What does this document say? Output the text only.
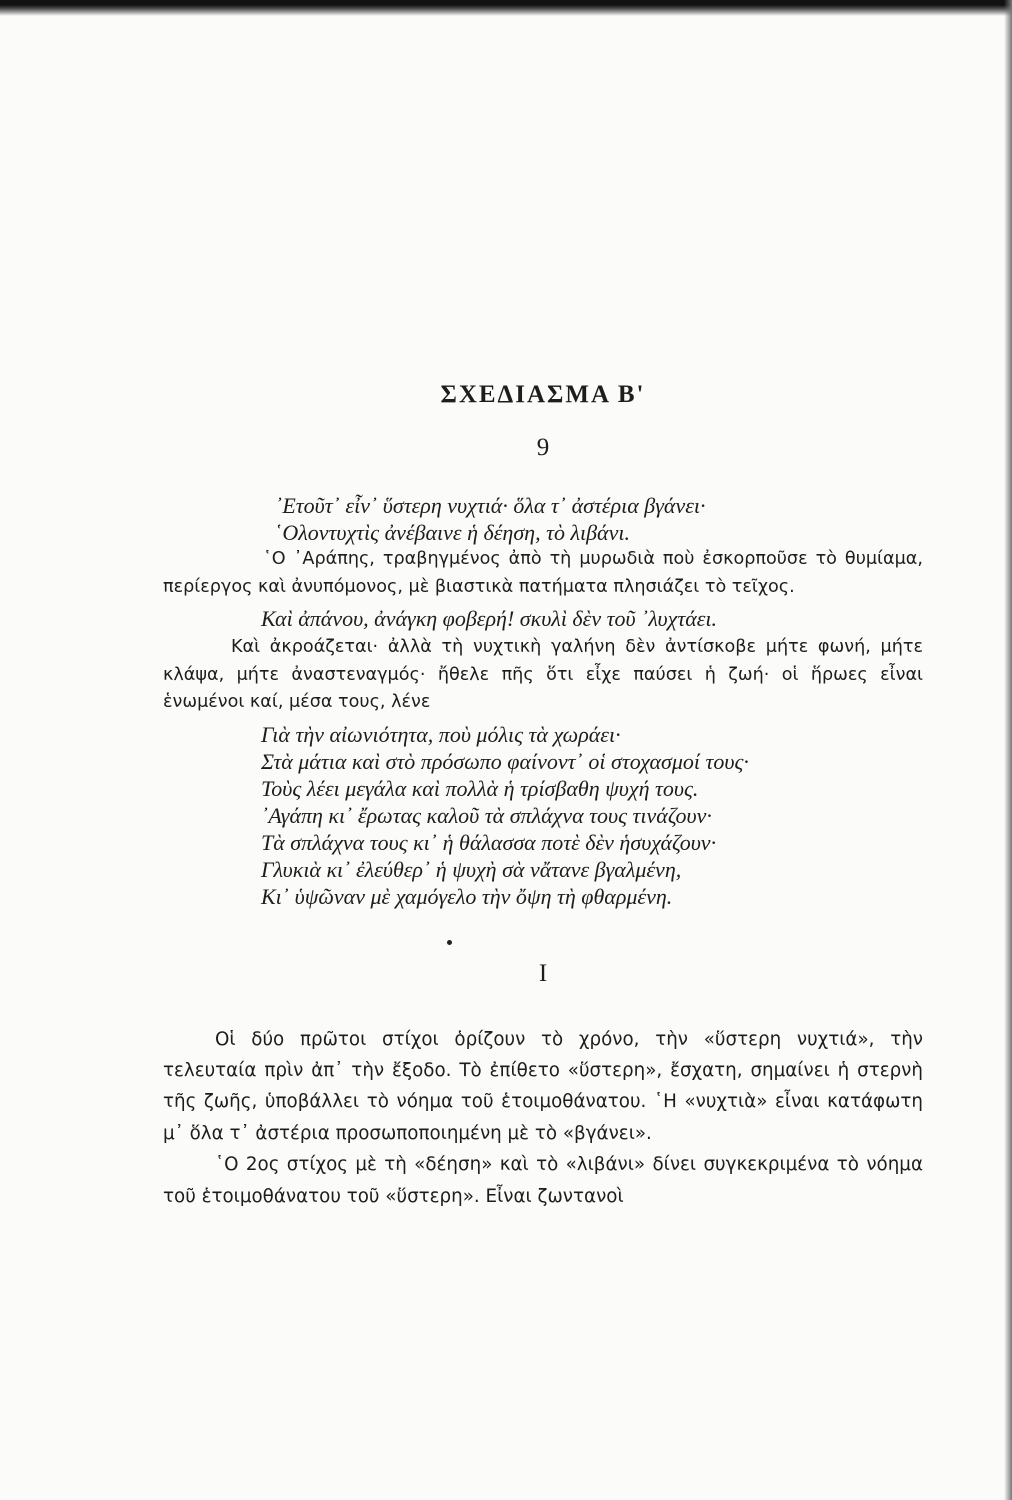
ΣΧΕΔΙΑΣΜΑ Β'
9

᾿Ετοῦτ᾿ εἶν᾿ ὕστερη νυχτιά· ὅλα τ᾿ ἀστέρια βγάνει·

῾Ολοντυχτὶς ἀνέβαινε ἡ δέηση, τὸ λιβάνι.

῾Ο ᾿Αράπης, τραβηγμένος ἀπὸ τὴ μυρωδιὰ ποὺ ἐσκορποῦσε τὸ θυμίαμα, περίεργος καὶ ἀνυπόμονος, μὲ βιαστικὰ πατήματα πλησιάζει τὸ τεῖχος.

Καὶ ἀπάνου, ἀνάγκη φοβερή! σκυλὶ δὲν τοῦ ᾿λυχτάει.

Καὶ ἀκροάζεται· ἀλλὰ τὴ νυχτικὴ γαλήνη δὲν ἀντίσκοβε μήτε φωνή, μήτε κλάψα, μήτε ἀναστεναγμός· ἤθελε πῆς ὅτι εἶχε παύσει ἡ ζωή· οἱ ἥρωες εἶναι ἑνωμένοι καί, μέσα τους, λένε

Γιὰ τὴν αἰωνιότητα, ποὺ μόλις τὰ χωράει·

Στὰ μάτια καὶ στὸ πρόσωπο φαίνοντ᾿ οἱ στοχασμοί τους·

Τοὺς λέει μεγάλα καὶ πολλὰ ἡ τρίσβαθη ψυχή τους.

᾿Αγάπη κι᾿ ἔρωτας καλοῦ τὰ σπλάχνα τους τινάζουν·

Τὰ σπλάχνα τους κι᾿ ἡ θάλασσα ποτὲ δὲν ἡσυχάζουν·

Γλυκιὰ κι᾿ ἐλεύθερ᾿ ἡ ψυχὴ σὰ νἄτανε βγαλμένη,

Κι᾿ ὑψῶναν μὲ χαμόγελο τὴν ὄψη τὴ φθαρμένη.

I

Οἱ δύο πρῶτοι στίχοι ὁρίζουν τὸ χρόνο, τὴν «ὕστερη νυχτιά», τὴν τελευταία πρὶν ἀπ᾿ τὴν ἔξοδο. Τὸ ἐπίθετο «ὕστερη», ἔσχατη, σημαίνει ἡ στερνὴ τῆς ζωῆς, ὑποβάλλει τὸ νόημα τοῦ ἑτοιμοθάνατου. ῾Η «νυχτιὰ» εἶναι κατάφωτη μ᾿ ὅλα τ᾿ ἀστέρια προσωποποιημένη μὲ τὸ «βγάνει».

῾Ο 2ος στίχος μὲ τὴ «δέηση» καὶ τὸ «λιβάνι» δίνει συγκεκριμένα τὸ νόημα τοῦ ἑτοιμοθάνατου τοῦ «ὕστερη». Εἶναι ζωντανοὶ
